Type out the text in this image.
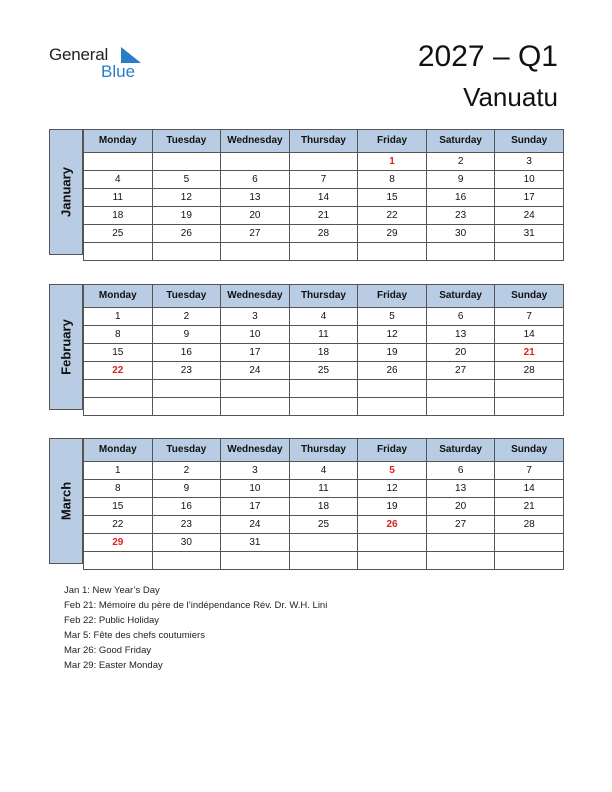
General
Blue	2027 – Q1
Vanuatu
January
Monday	Tuesday	Wednesday	Thursday	Friday	Saturday	Sunday
				1	2	3
4	5	6	7	8	9	10
11	12	13	14	15	16	17
18	19	20	21	22	23	24
25	26	27	28	29	30	31

February
Monday	Tuesday	Wednesday	Thursday	Friday	Saturday	Sunday
1	2	3	4	5	6	7
8	9	10	11	12	13	14
15	16	17	18	19	20	21
22	23	24	25	26	27	28

March
Monday	Tuesday	Wednesday	Thursday	Friday	Saturday	Sunday
1	2	3	4	5	6	7
8	9	10	11	12	13	14
15	16	17	18	19	20	21
22	23	24	25	26	27	28
29	30	31				

Jan 1: New Year’s Day
Feb 21: Mémoire du père de l’indépendance Rév. Dr. W.H. Lini
Feb 22: Public Holiday
Mar 5: Fête des chefs coutumiers
Mar 26: Good Friday
Mar 29: Easter Monday
